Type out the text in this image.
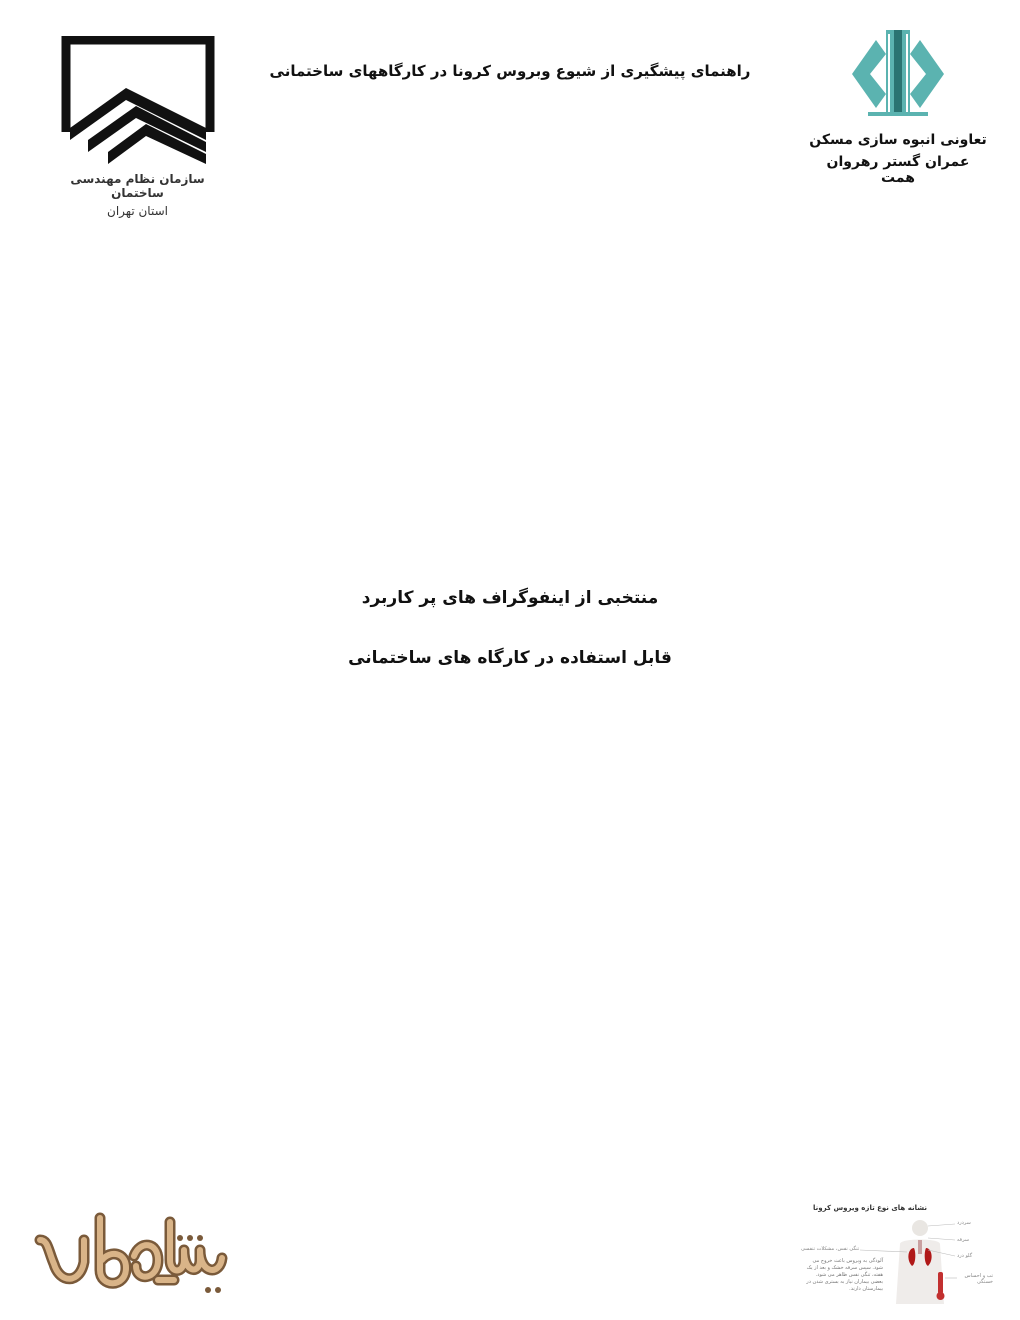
راهنمای پیشگیری از شیوع وبروس کرونا در کارگاههای ساختمانی
سازمان نظام مهندسی ساختمان
استان تهران
تعاونی انبوه سازی مسکن
عمران گستر رهروان همت
منتخبی از اینفوگراف های پر کاربرد
قابل استفاده در کارگاه های ساختمانی
نشانه های نوع تازه ویروس کرونا
سردرد
سرفه
گلو درد
تب و احساس خستگی
تنگی نفس، مشکلات تنفسی
آلودگی به ویروس باعث خروج می شود. سپس سرفه خشک و بعد از یک هفته، تنگی نفس ظاهر می شود. بعضی بیماران نیاز به بستری شدن در بیمارستان دارند.
